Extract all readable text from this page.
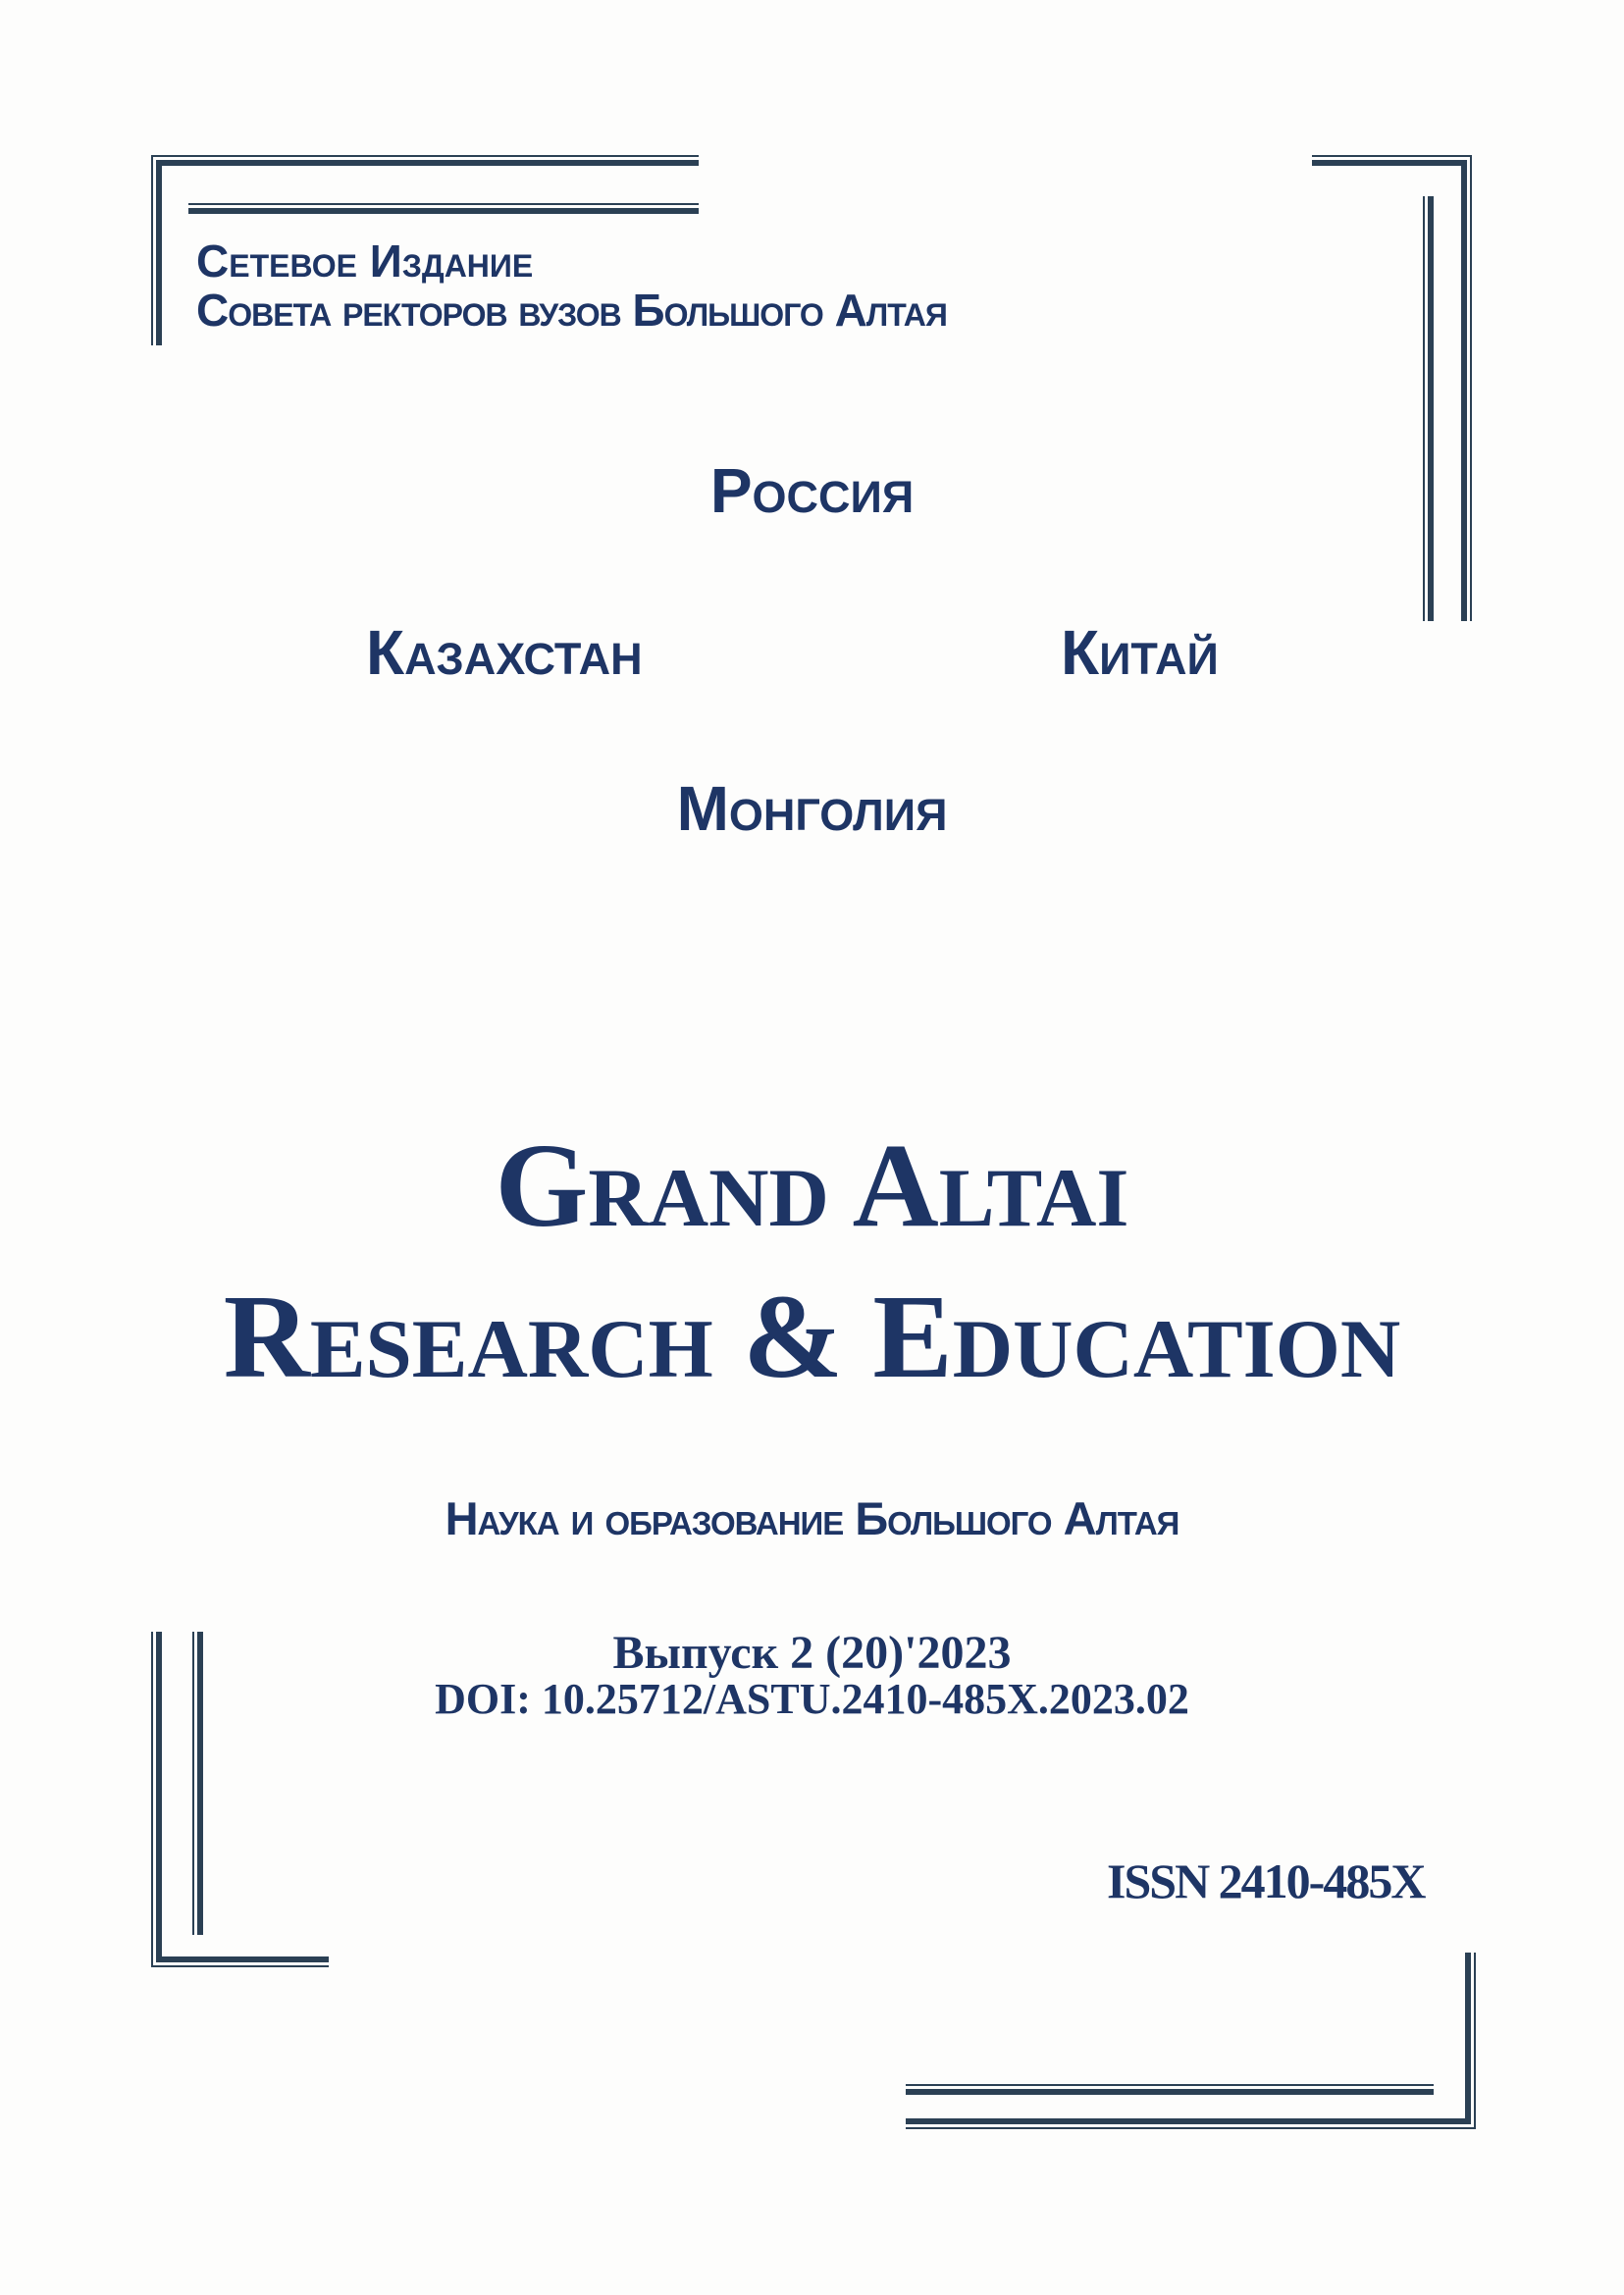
Сетевое Издание
Совета ректоров вузов Большого Алтая
Россия
Казахстан	Китай
Монголия
Grand Altai
Research & Education
Наука и образование Большого Алтая
Выпуск 2 (20)'2023
DOI: 10.25712/ASTU.2410-485X.2023.02
ISSN 2410-485X
